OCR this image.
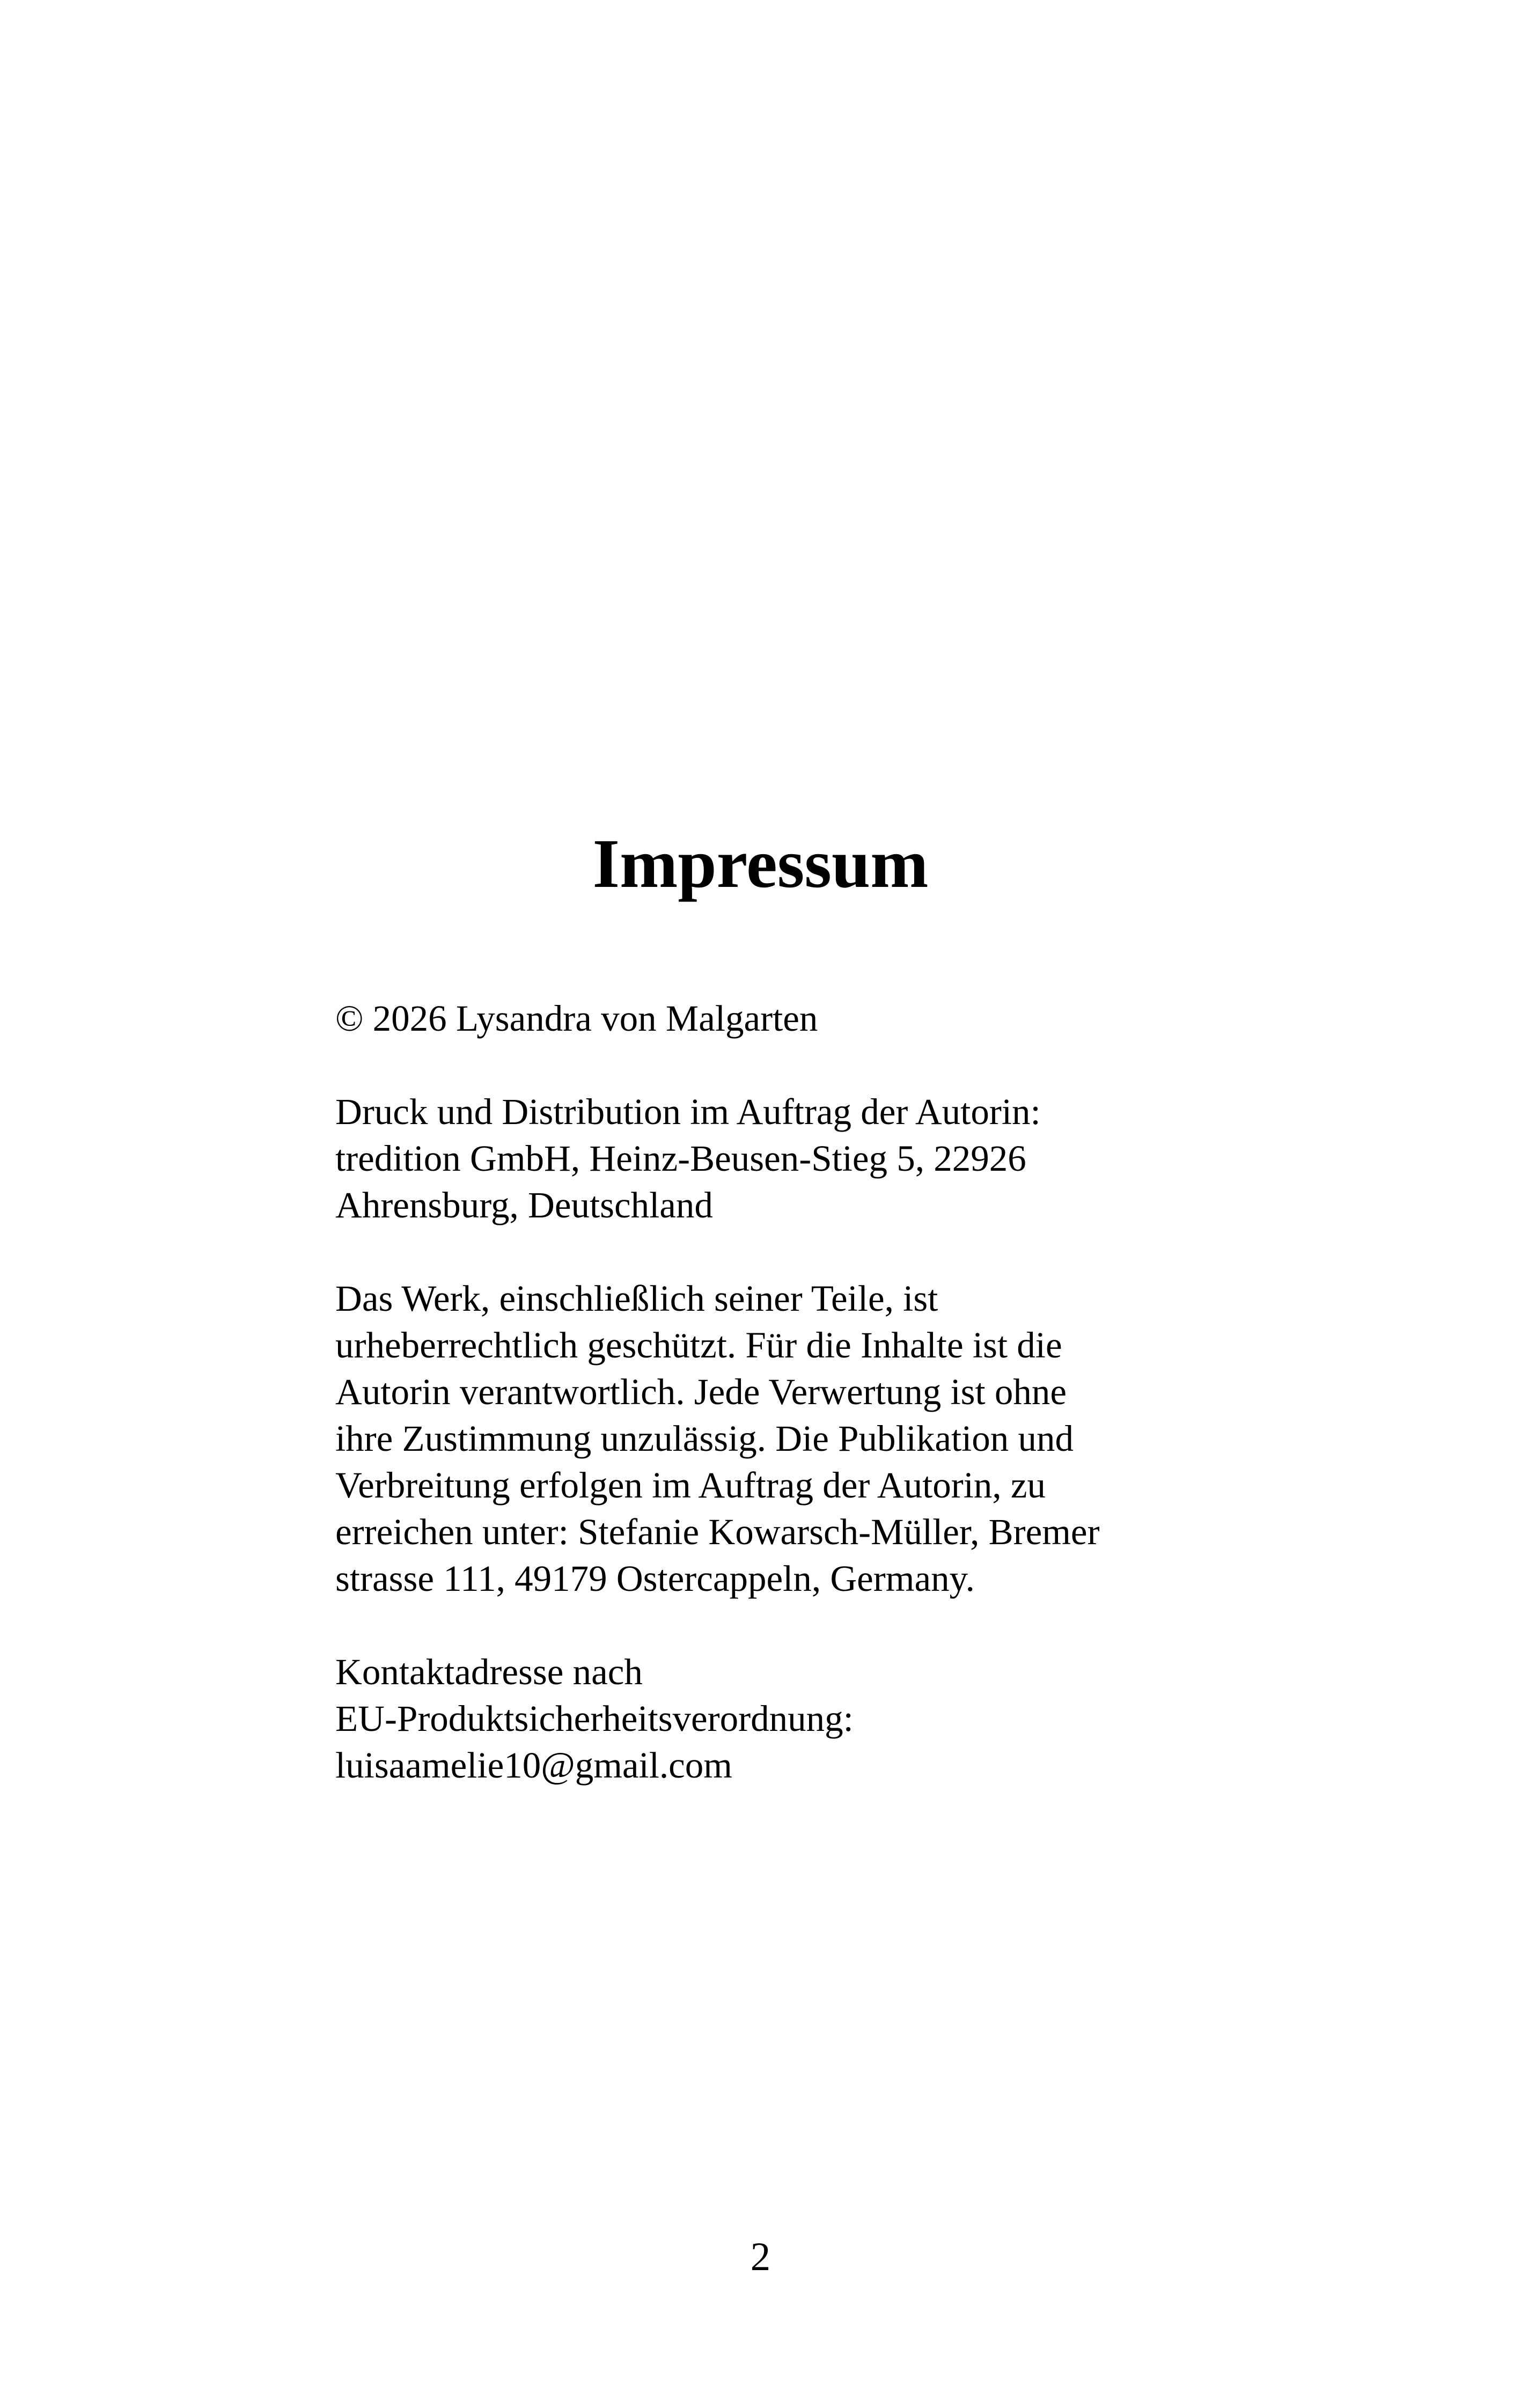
Impressum

© 2026 Lysandra von Malgarten

Druck und Distribution im Auftrag der Autorin:
tredition GmbH, Heinz-Beusen-Stieg 5, 22926
Ahrensburg, Deutschland

Das Werk, einschließlich seiner Teile, ist
urheberrechtlich geschützt. Für die Inhalte ist die
Autorin verantwortlich. Jede Verwertung ist ohne
ihre Zustimmung unzulässig. Die Publikation und
Verbreitung erfolgen im Auftrag der Autorin, zu
erreichen unter: Stefanie Kowarsch-Müller, Bremer
strasse 111, 49179 Ostercappeln, Germany.

Kontaktadresse nach
EU-Produktsicherheitsverordnung:
luisaamelie10@gmail.com

2
